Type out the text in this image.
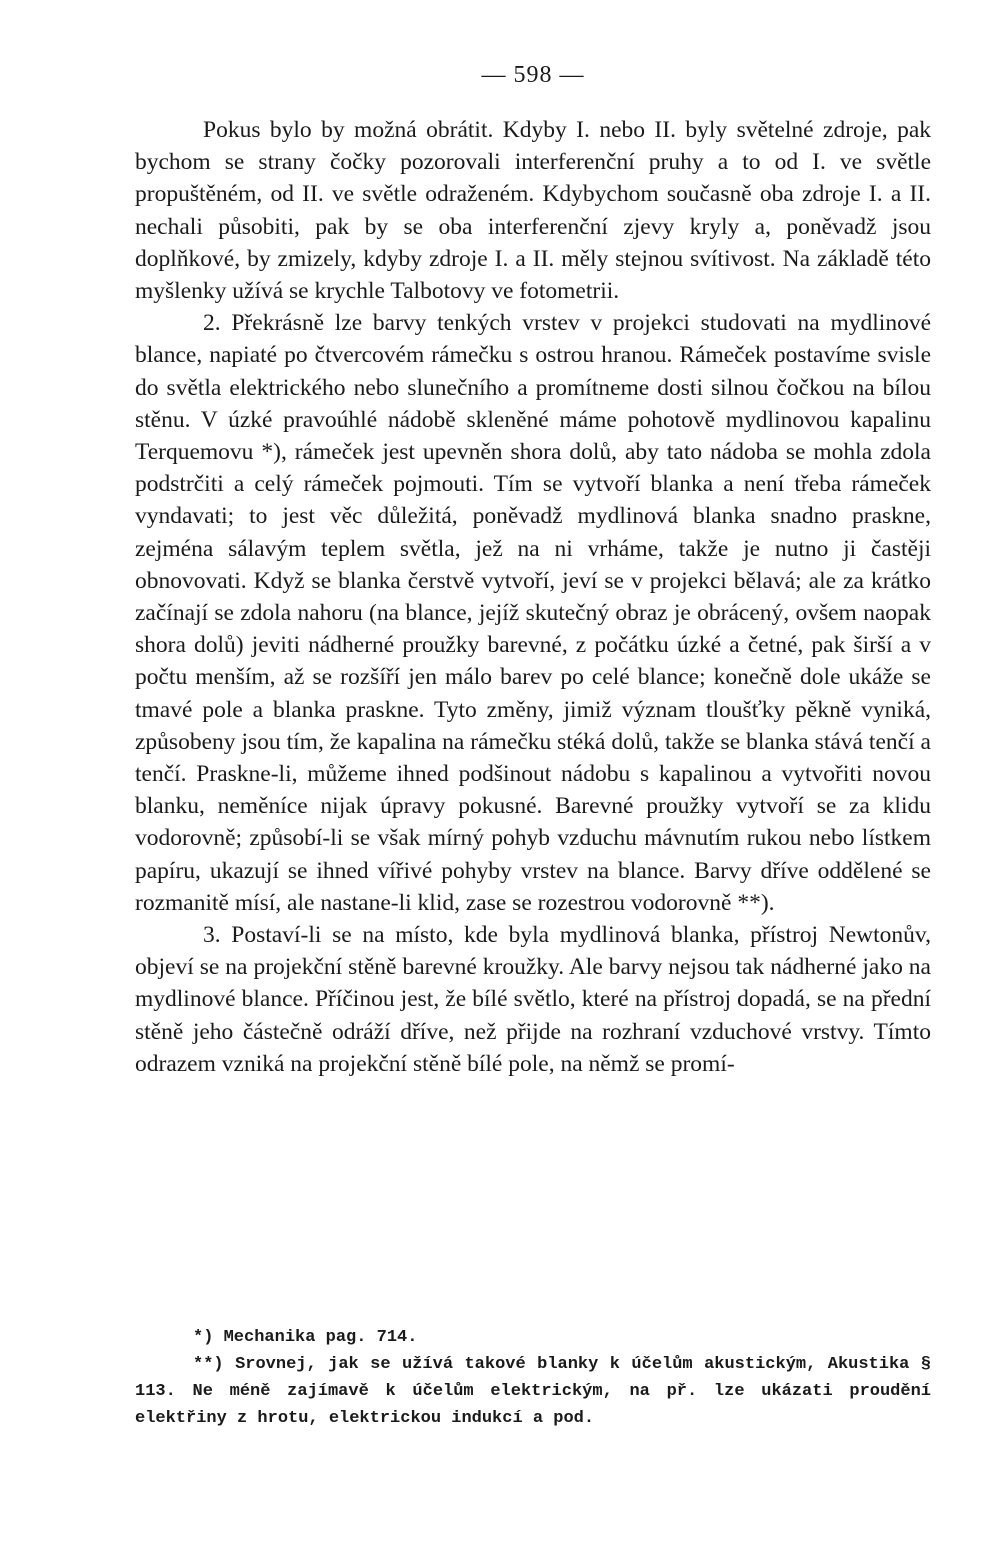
— 598 —

Pokus bylo by možná obrátit. Kdyby I. nebo II. byly světelné zdroje, pak bychom se strany čočky pozorovali interferenční pruhy a to od I. ve světle propuštěném, od II. ve světle odraženém. Kdybychom současně oba zdroje I. a II. nechali působiti, pak by se oba interferenční zjevy kryly a, poněvadž jsou doplňkové, by zmizely, kdyby zdroje I. a II. měly stejnou svítivost. Na základě této myšlenky užívá se krychle Talbotovy ve fotometrii.

2. Překrásně lze barvy tenkých vrstev v projekci studovati na mydlinové blance, napiaté po čtvercovém rámečku s ostrou hranou. Rámeček postavíme svisle do světla elektrického nebo slunečního a promítneme dosti silnou čočkou na bílou stěnu. V úzké pravoúhlé nádobě skleněné máme pohotově mydlinovou kapalinu Terquemovu *), rámeček jest upevněn shora dolů, aby tato nádoba se mohla zdola podstrčiti a celý rámeček pojmouti. Tím se vytvoří blanka a není třeba rámeček vyndavati; to jest věc důležitá, poněvadž mydlinová blanka snadno praskne, zejména sálavým teplem světla, jež na ni vrháme, takže je nutno ji častěji obnovovati. Když se blanka čerstvě vytvoří, jeví se v projekci bělavá; ale za krátko začínají se zdola nahoru (na blance, jejíž skutečný obraz je obrácený, ovšem naopak shora dolů) jeviti nádherné proužky barevné, z počátku úzké a četné, pak širší a v počtu menším, až se rozšíří jen málo barev po celé blance; konečně dole ukáže se tmavé pole a blanka praskne. Tyto změny, jimiž význam tloušťky pěkně vyniká, způsobeny jsou tím, že kapalina na rámečku stéká dolů, takže se blanka stává tenčí a tenčí. Praskne-li, můžeme ihned podšinout nádobu s kapalinou a vytvořiti novou blanku, neměníce nijak úpravy pokusné. Barevné proužky vytvoří se za klidu vodorovně; způsobí-li se však mírný pohyb vzduchu mávnutím rukou nebo lístkem papíru, ukazují se ihned vířivé pohyby vrstev na blance. Barvy dříve oddělené se rozmanitě mísí, ale nastane-li klid, zase se rozestrou vodorovně **).

3. Postaví-li se na místo, kde byla mydlinová blanka, přístroj Newtonův, objeví se na projekční stěně barevné kroužky. Ale barvy nejsou tak nádherné jako na mydlinové blance. Příčinou jest, že bílé světlo, které na přístroj dopadá, se na přední stěně jeho částečně odráží dříve, než přijde na rozhraní vzduchové vrstvy. Tímto odrazem vzniká na projekční stěně bílé pole, na němž se promí-

*) Mechanika pag. 714.

**) Srovnej, jak se užívá takové blanky k účelům akustickým, Akustika § 113. Ne méně zajímavě k účelům elektrickým, na př. lze ukázati proudění elektřiny z hrotu, elektrickou indukcí a pod.
